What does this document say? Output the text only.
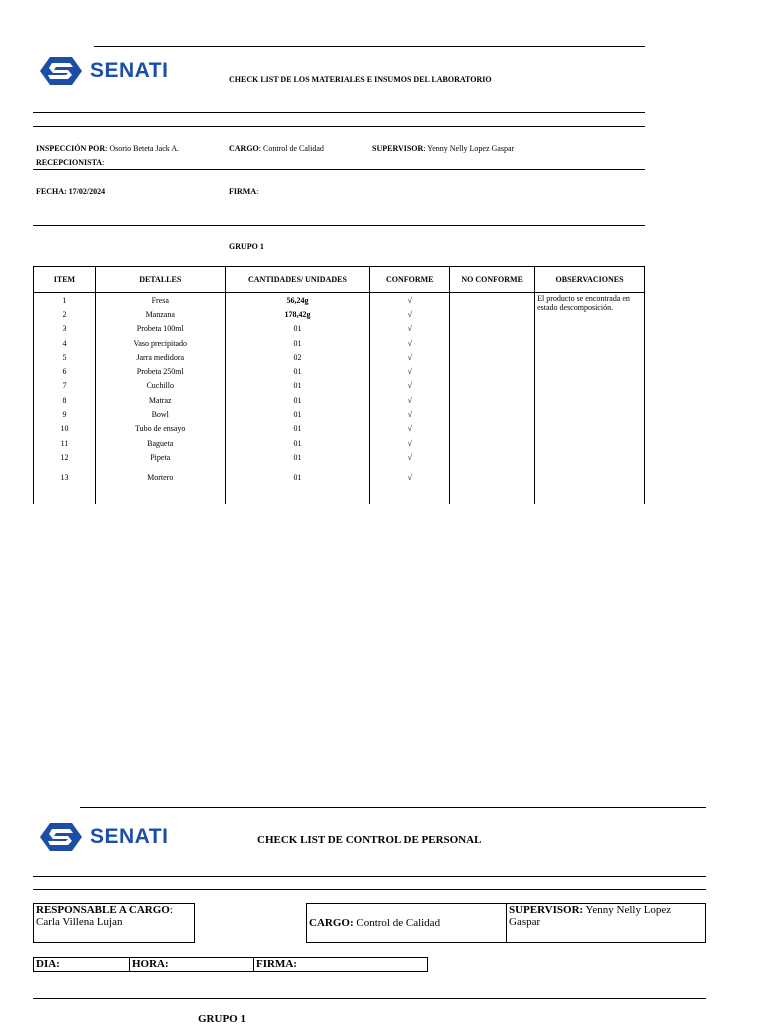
SENATI	CHECK LIST DE LOS MATERIALES E INSUMOS DEL LABORATORIO
INSPECCIÓN POR: Osorio Beteta Jack A.	CARGO: Control de Calidad	SUPERVISOR: Yenny Nelly Lopez Gaspar
RECEPCIONISTA:
FECHA: 17/02/2024	FIRMA:
GRUPO 1
ITEM	DETALLES	CANTIDADES/ UNIDADES	CONFORME	NO CONFORME	OBSERVACIONES
1	Fresa	56,24g	√		El producto se encontrada en estado descomposición.
2	Manzana	178,42g	√		
3	Probeta 100ml	01	√		
4	Vaso precipitado	01	√		
5	Jarra medidora	02	√		
6	Probeta 250ml	01	√		
7	Cuchillo	01	√		
8	Matraz	01	√		
9	Bowl	01	√		
10	Tubo de ensayo	01	√		
11	Bagueta	01	√		
12	Pipeta	01	√		
13	Mortero	01	√		

SENATI	CHECK LIST DE CONTROL DE PERSONAL
RESPONSABLE A CARGO:
Carla Villena Lujan	CARGO: Control de Calidad
SUPERVISOR: Yenny Nelly Lopez Gaspar
DIA:	HORA:	FIRMA:
GRUPO 1
